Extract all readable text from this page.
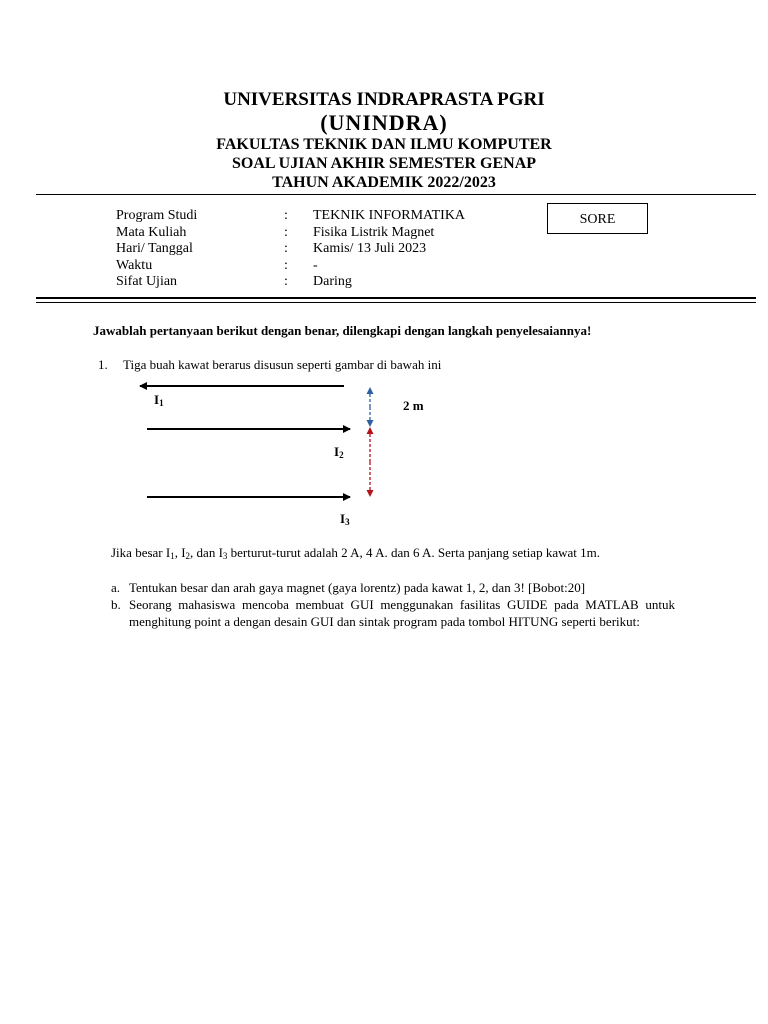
UNIVERSITAS INDRAPRASTA PGRI
(UNINDRA)
FAKULTAS TEKNIK DAN ILMU KOMPUTER
SOAL UJIAN AKHIR SEMESTER GENAP
TAHUN AKADEMIK 2022/2023
Program Studi	: TEKNIK INFORMATIKA
Mata Kuliah	: Fisika Listrik Magnet
Hari/ Tanggal	: Kamis/ 13 Juli 2023
Waktu	: -
Sifat Ujian	: Daring
SORE
Jawablah pertanyaan berikut dengan benar, dilengkapi dengan langkah penyelesaiannya!
1. Tiga buah kawat berarus disusun seperti gambar di bawah ini
$I_1$	2 m
$I_2$
$I_3$
Jika besar $I_1$, $I_2$, dan $I_3$ berturut-turut adalah 2 A, 4 A. dan 6 A. Serta panjang setiap kawat 1m.
a. Tentukan besar dan arah gaya magnet (gaya lorentz) pada kawat 1, 2, dan 3! [Bobot:20]
b. Seorang mahasiswa mencoba membuat GUI menggunakan fasilitas GUIDE pada MATLAB untuk menghitung point a dengan desain GUI dan sintak program pada tombol HITUNG seperti berikut:
